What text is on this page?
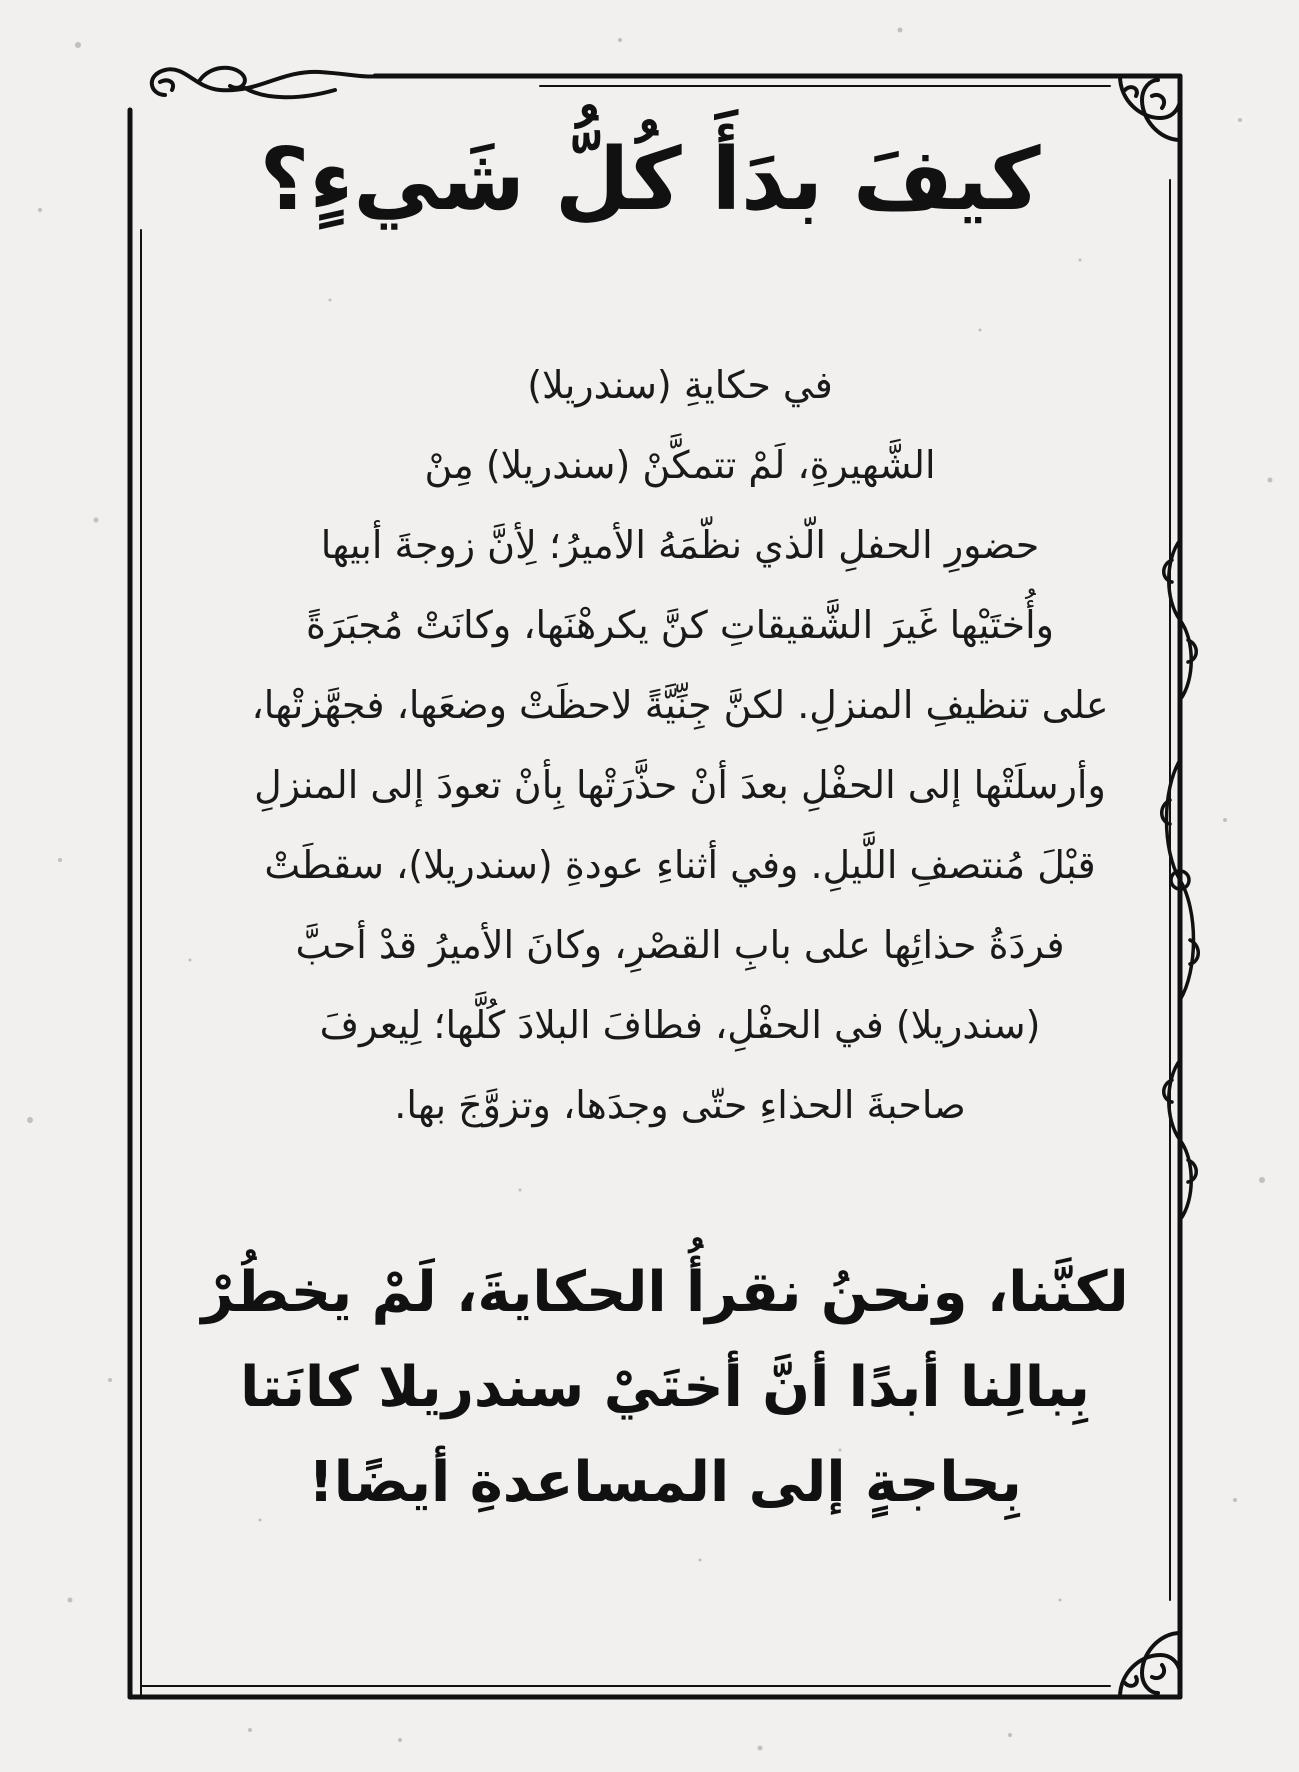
كيفَ بدَأَ كُلُّ شَيءٍ؟
في حكايةِ (سندريلا)
الشَّهيرةِ، لَمْ تتمكَّنْ (سندريلا) مِنْ
حضورِ الحفلِ الّذي نظّمَهُ الأميرُ؛ لِأنَّ زوجةَ أبيها
وأُختَيْها غَيرَ الشَّقيقاتِ كنَّ يكرهْنَها، وكانَتْ مُجبَرَةً
على تنظيفِ المنزلِ. لكنَّ جِنِّيَّةً لاحظَتْ وضعَها، فجهَّزتْها،
وأرسلَتْها إلى الحفْلِ بعدَ أنْ حذَّرَتْها بِأنْ تعودَ إلى المنزلِ
قبْلَ مُنتصفِ اللَّيلِ. وفي أثناءِ عودةِ (سندريلا)، سقطَتْ
فردَةُ حذائِها على بابِ القصْرِ، وكانَ الأميرُ قدْ أحبَّ
(سندريلا) في الحفْلِ، فطافَ البلادَ كُلَّها؛ لِيعرفَ
صاحبةَ الحذاءِ حتّى وجدَها، وتزوَّجَ بها.
لكنَّنا، ونحنُ نقرأُ الحكايةَ، لَمْ يخطُرْ
بِبالِنا أبدًا أنَّ أختَيْ سندريلا كانَتا
بِحاجةٍ إلى المساعدةِ أيضًا!
